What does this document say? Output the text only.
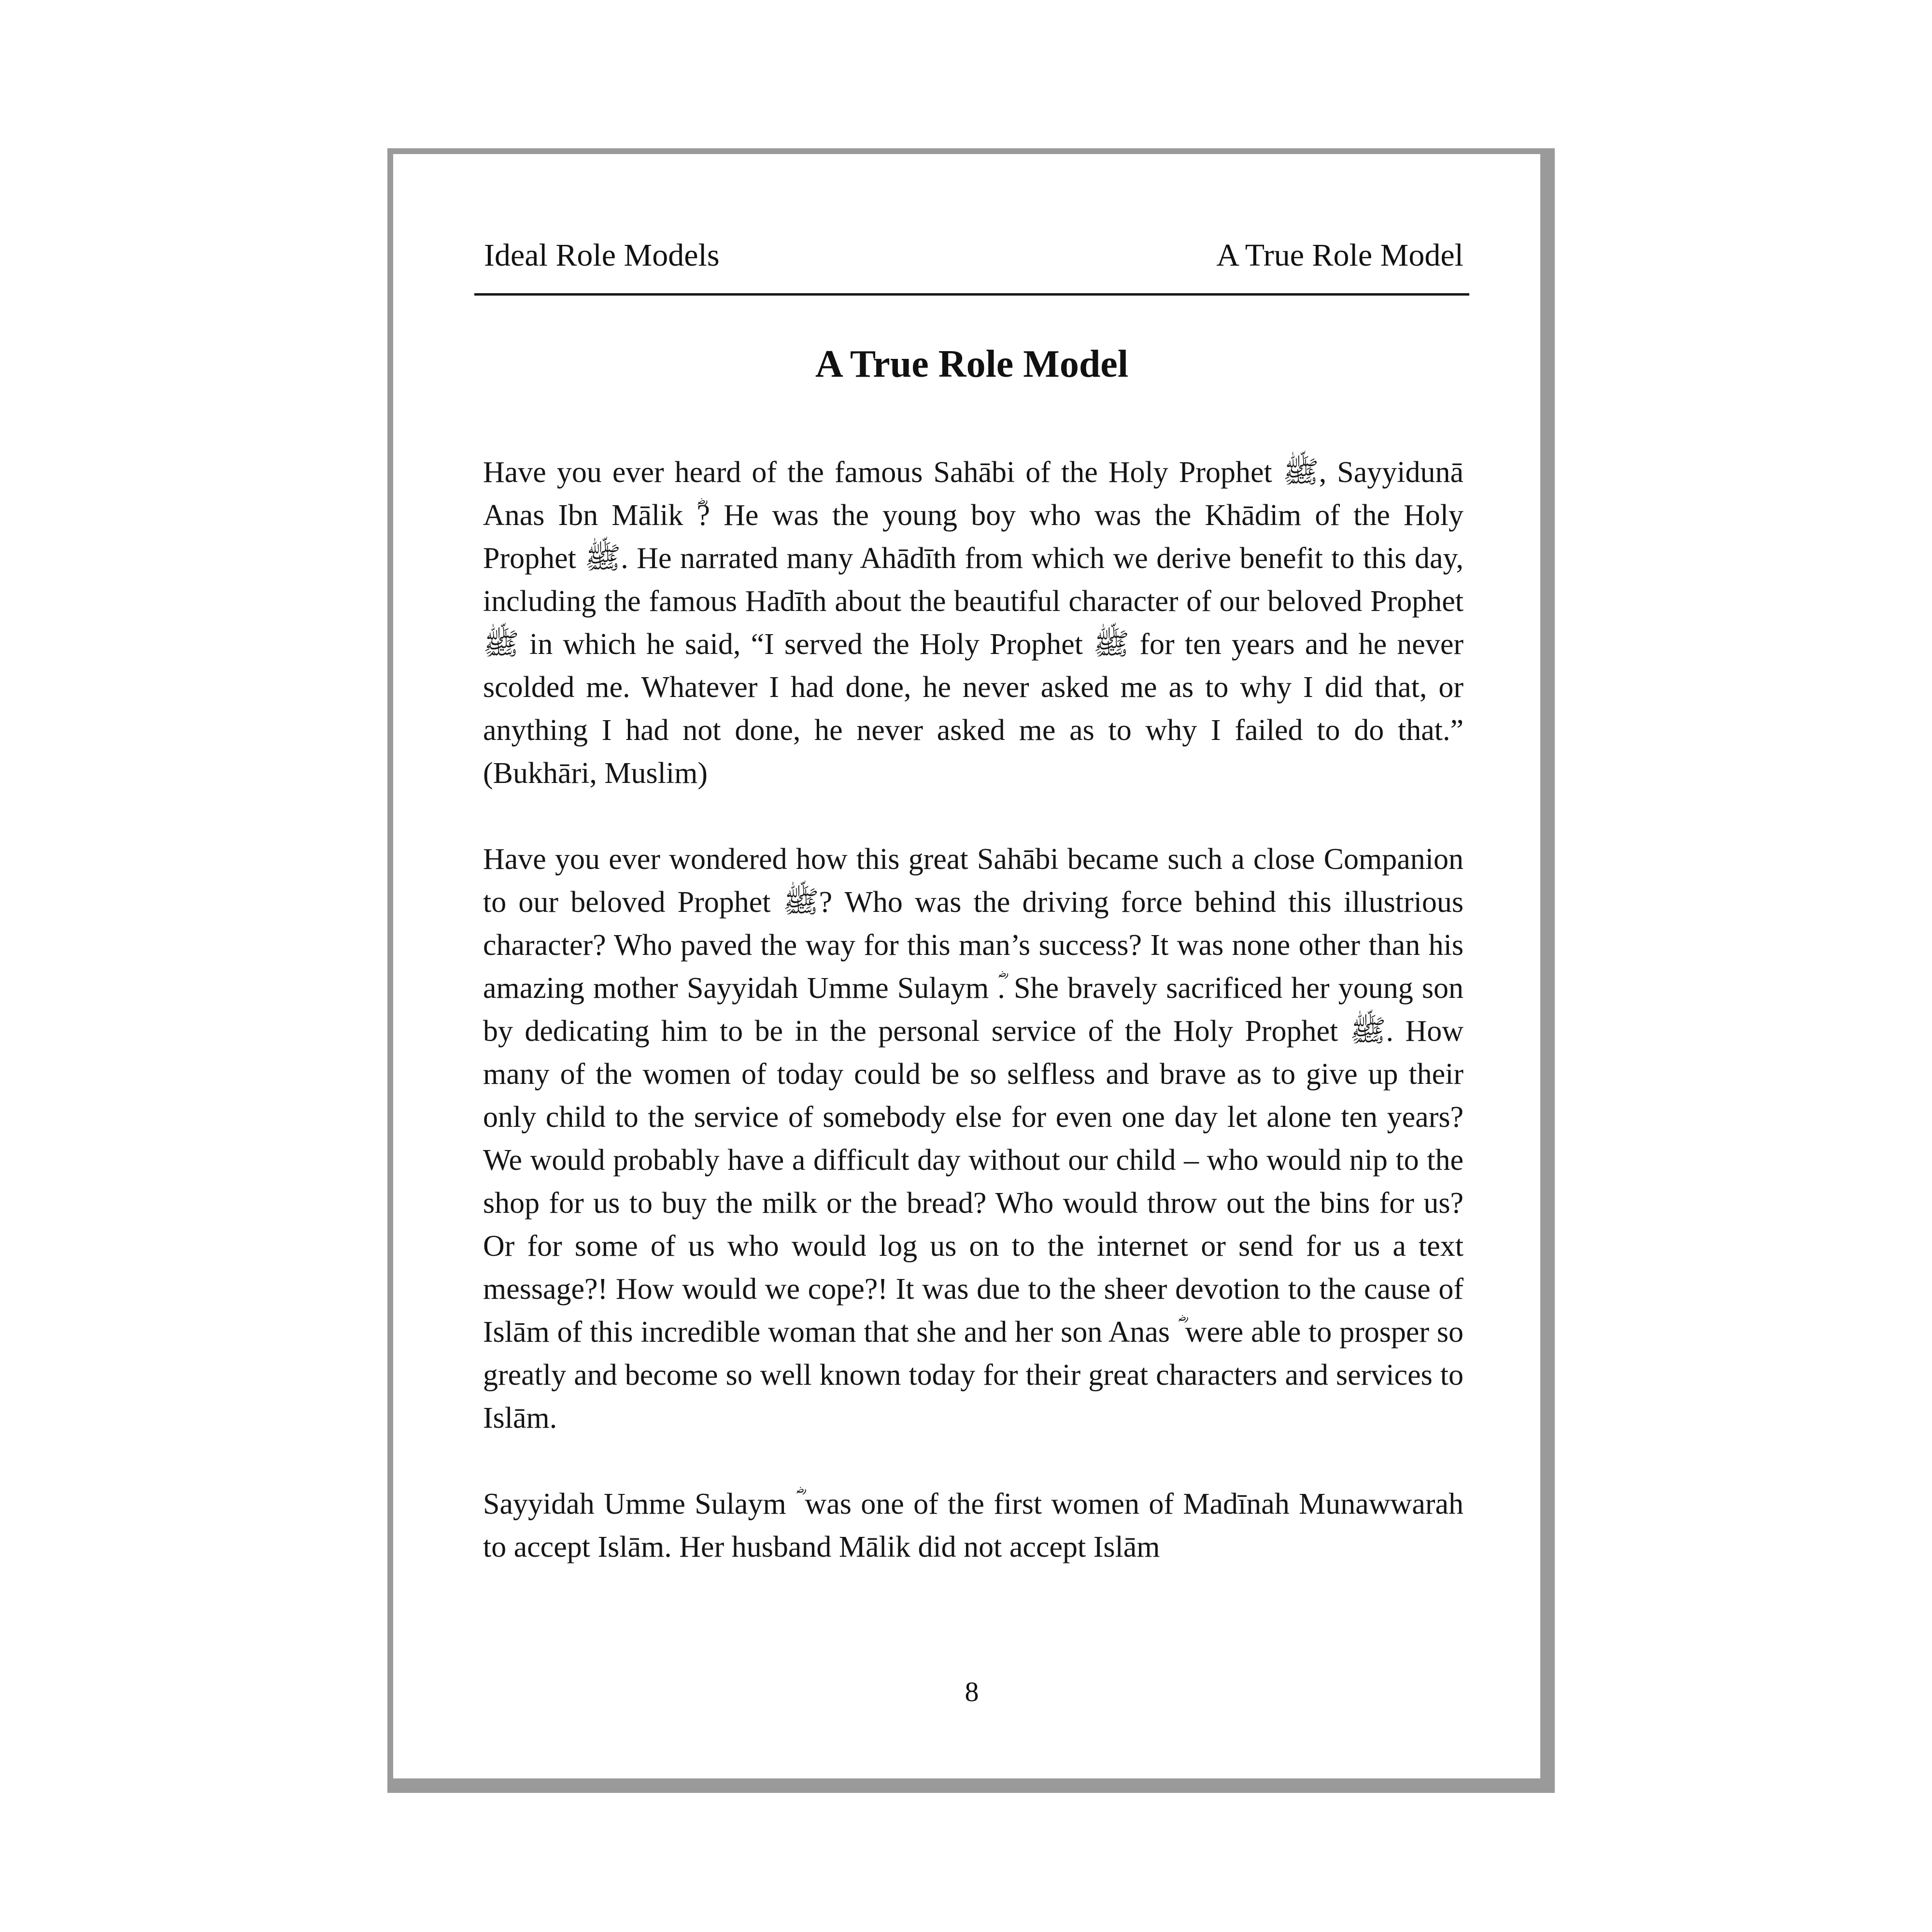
Ideal Role Models	A True Role Model
A True Role Model

Have you ever heard of the famous Sahābi of the Holy Prophet ﷺ, Sayyidunā Anas Ibn Mālik ؓ? He was the young boy who was the Khādim of the Holy Prophet ﷺ. He narrated many Ahādīth from which we derive benefit to this day, including the famous Hadīth about the beautiful character of our beloved Prophet ﷺ in which he said, “I served the Holy Prophet ﷺ for ten years and he never scolded me. Whatever I had done, he never asked me as to why I did that, or anything I had not done, he never asked me as to why I failed to do that.” (Bukhāri, Muslim)

Have you ever wondered how this great Sahābi became such a close Companion to our beloved Prophet ﷺ? Who was the driving force behind this illustrious character? Who paved the way for this man’s success? It was none other than his amazing mother Sayyidah Umme Sulaym ؓ. She bravely sacrificed her young son by dedicating him to be in the personal service of the Holy Prophet ﷺ. How many of the women of today could be so selfless and brave as to give up their only child to the service of somebody else for even one day let alone ten years? We would probably have a difficult day without our child – who would nip to the shop for us to buy the milk or the bread? Who would throw out the bins for us? Or for some of us who would log us on to the internet or send for us a text message?! How would we cope?! It was due to the sheer devotion to the cause of Islām of this incredible woman that she and her son Anas ؓ were able to prosper so greatly and become so well known today for their great characters and services to Islām.

Sayyidah Umme Sulaym ؓ was one of the first women of Madīnah Munawwarah to accept Islām. Her husband Mālik did not accept Islām

8
